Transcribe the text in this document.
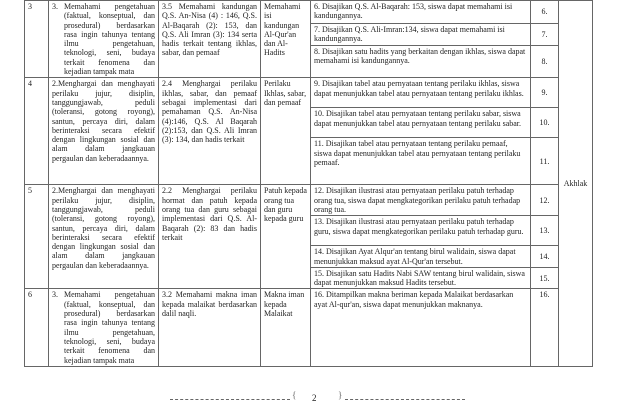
3	3. Memahami pengetahuan (faktual, konseptual, dan prosedural) berdasarkan rasa ingin tahunya tentang ilmu pengetahuan, teknologi, seni, budaya terkait fenomena dan kejadian tampak mata	3.5 Memahami kandungan Q.S. An-Nisa (4) : 146, Q.S. Al-Baqarah (2): 153, dan Q.S. Ali Imran (3): 134 serta hadis terkait tentang ikhlas, sabar, dan pemaaf	Memahami isi kandungan Al-Qur'an dan Al-Hadits	6. Disajikan Q.S. Al-Baqarah: 153, siswa dapat memahami isi kandungannya.	6.	Akhlak	
				7. Disajikan Q.S. Ali-Imran:134, siswa dapat memahami isi kandungannya.	7.		
				8. Disajikan satu hadits yang berkaitan dengan ikhlas, siswa dapat memahami isi kandungannya.	8.		
4	2.Menghargai dan menghayati perilaku jujur, disiplin, tanggungjawab, peduli (toleransi, gotong royong), santun, percaya diri, dalam berinteraksi secara efektif dengan lingkungan sosial dan alam dalam jangkauan pergaulan dan keberadaannya.	2.4 Menghargai perilaku ikhlas, sabar, dan pemaaf sebagai implementasi dari pemahaman Q.S. An-Nisa (4):146, Q.S. Al Baqarah (2):153, dan Q.S. Ali Imran (3): 134, dan hadis terkait	Perilaku Ikhlas, sabar, dan pemaaf	9. Disajikan tabel atau pernyataan tentang perilaku ikhlas, siswa dapat menunjukkan tabel atau pernyataan tentang perilaku ikhlas.	9.		
				10. Disajikan tabel atau pernyataan tentang perilaku sabar, siswa dapat menunjukkan tabel atau pernyataan tentang perilaku sabar.	10.		
				11. Disajikan tabel atau pernyataan tentang perilaku pemaaf, siswa dapat menunjukkan tabel atau pernyataan tentang perilaku pemaaf.	11.		
5	2.Menghargai dan menghayati perilaku jujur, disiplin, tanggungjawab, peduli (toleransi, gotong royong), santun, percaya diri, dalam berinteraksi secara efektif dengan lingkungan sosial dan alam dalam jangkauan pergaulan dan keberadaannya.	2.2 Menghargai perilaku hormat dan patuh kepada orang tua dan guru sebagai implementasi dari Q.S. Al-Baqarah (2): 83 dan hadis terkait	Patuh kepada orang tua dan guru kepada guru	12. Disajikan ilustrasi atau pernyataan perilaku patuh terhadap orang tua, siswa dapat mengkategorikan perilaku patuh terhadap orang tua.	12.		
				13. Disajikan ilustrasi atau pernyataan perilaku patuh terhadap guru, siswa dapat mengkategorikan perilaku patuh terhadap guru.	13.		
				14. Disajikan Ayat Alqur'an tentang birul walidain, siswa dapat menunjukkan maksud ayat Al-Qur'an tersebut.	14.		
				15. Disajikan satu Hadits Nabi SAW tentang birul walidain, siswa dapat menunjukkan maksud Hadits tersebut.	15.		
6	3. Memahami pengetahuan (faktual, konseptual, dan prosedural) berdasarkan rasa ingin tahunya tentang ilmu pengetahuan, teknologi, seni, budaya terkait fenomena dan kejadian tampak mata	3.2 Memahami makna iman kepada malaikat berdasarkan dalil naqli.	Makna iman kepada Malaikat	16. Ditampilkan makna beriman kepada Malaikat berdasarkan ayat Al-qur'an, siswa dapat menunjukkan maknanya.	16.	
{ 2 }
